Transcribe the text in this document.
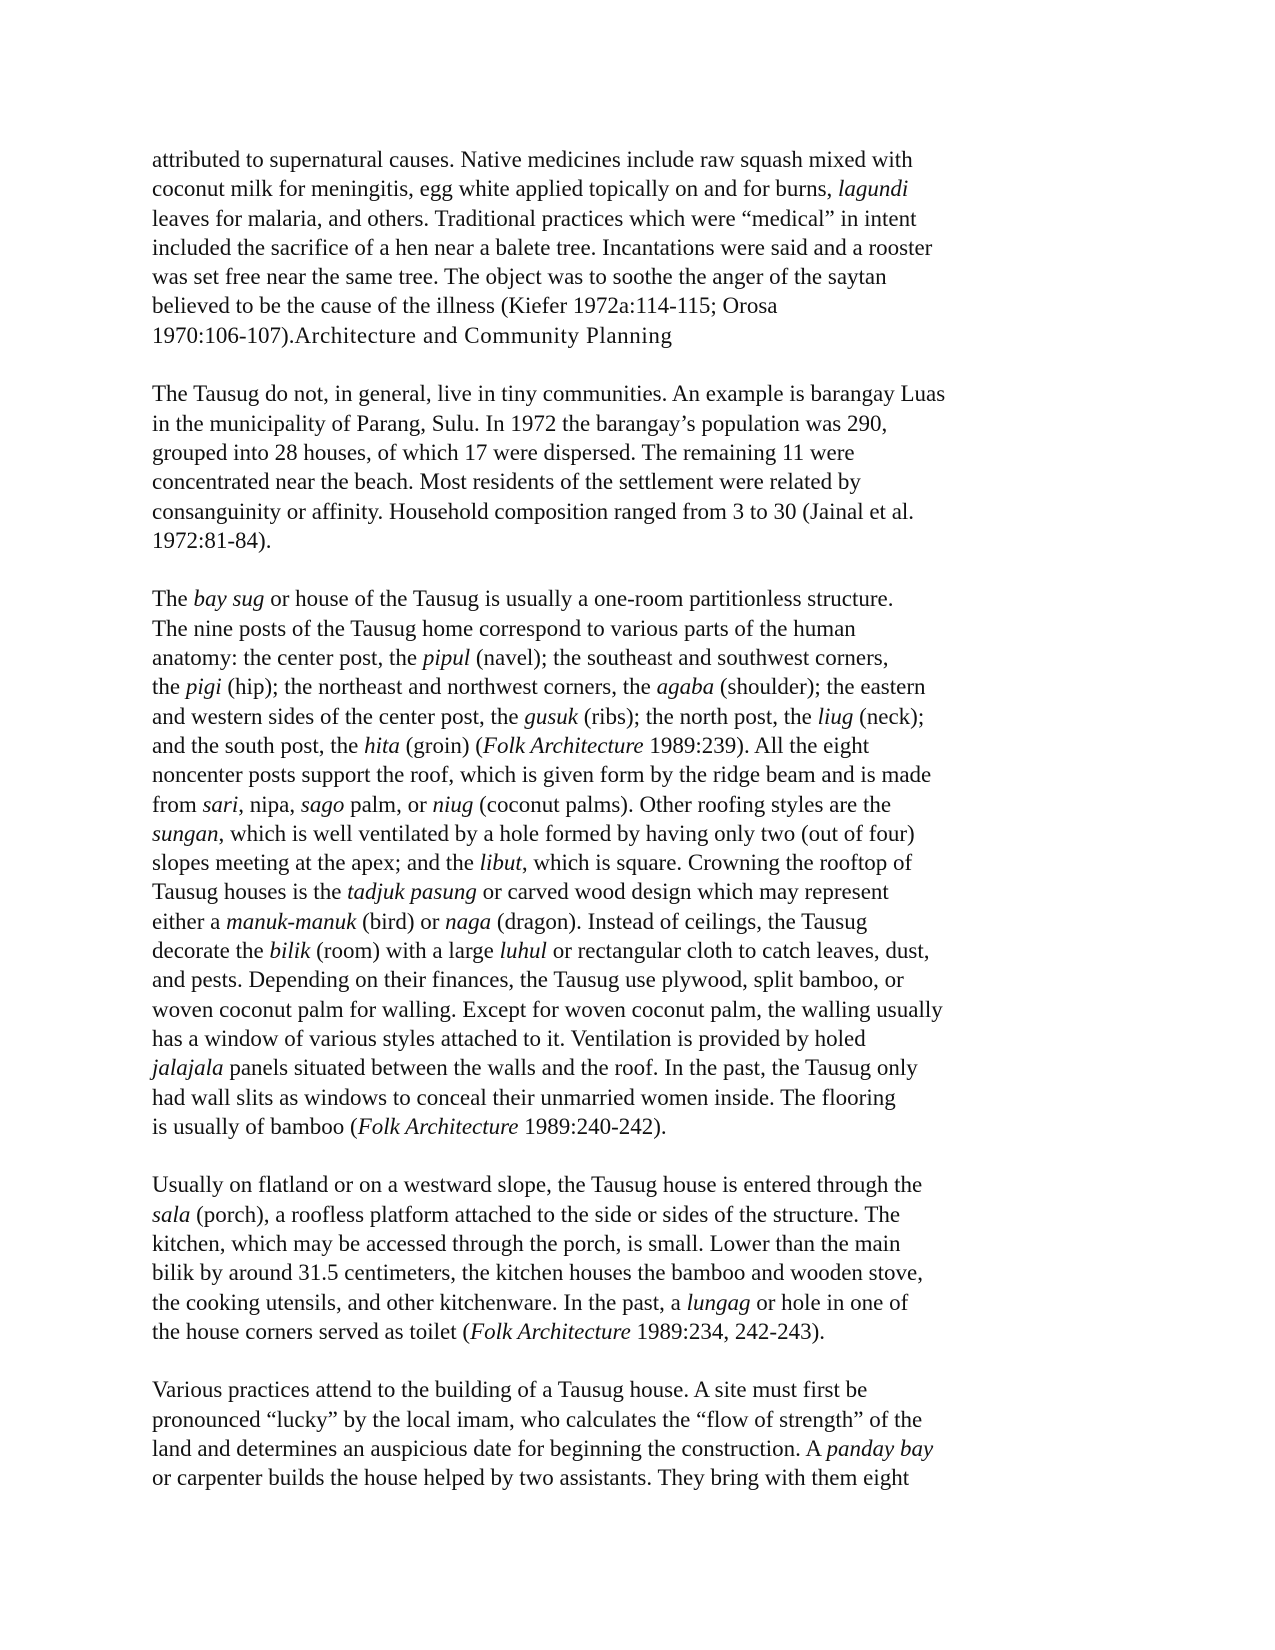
attributed to supernatural causes. Native medicines include raw squash mixed with
coconut milk for meningitis, egg white applied topically on and for burns, lagundi
leaves for malaria, and others. Traditional practices which were “medical” in intent
included the sacrifice of a hen near a balete tree. Incantations were said and a rooster
was set free near the same tree. The object was to soothe the anger of the saytan
believed to be the cause of the illness (Kiefer 1972a:114-115; Orosa
1970:106-107).Architecture and Community Planning

The Tausug do not, in general, live in tiny communities. An example is barangay Luas
in the municipality of Parang, Sulu. In 1972 the barangay’s population was 290,
grouped into 28 houses, of which 17 were dispersed. The remaining 11 were
concentrated near the beach. Most residents of the settlement were related by
consanguinity or affinity. Household composition ranged from 3 to 30 (Jainal et al.
1972:81-84).

The bay sug or house of the Tausug is usually a one-room partitionless structure.
The nine posts of the Tausug home correspond to various parts of the human
anatomy: the center post, the pipul (navel); the southeast and southwest corners,
the pigi (hip); the northeast and northwest corners, the agaba (shoulder); the eastern
and western sides of the center post, the gusuk (ribs); the north post, the liug (neck);
and the south post, the hita (groin) (Folk Architecture 1989:239). All the eight
noncenter posts support the roof, which is given form by the ridge beam and is made
from sari, nipa, sago palm, or niug (coconut palms). Other roofing styles are the
sungan, which is well ventilated by a hole formed by having only two (out of four)
slopes meeting at the apex; and the libut, which is square. Crowning the rooftop of
Tausug houses is the tadjuk pasung or carved wood design which may represent
either a manuk-manuk (bird) or naga (dragon). Instead of ceilings, the Tausug
decorate the bilik (room) with a large luhul or rectangular cloth to catch leaves, dust,
and pests. Depending on their finances, the Tausug use plywood, split bamboo, or
woven coconut palm for walling. Except for woven coconut palm, the walling usually
has a window of various styles attached to it. Ventilation is provided by holed
jalajala panels situated between the walls and the roof. In the past, the Tausug only
had wall slits as windows to conceal their unmarried women inside. The flooring
is usually of bamboo (Folk Architecture 1989:240-242).

Usually on flatland or on a westward slope, the Tausug house is entered through the
sala (porch), a roofless platform attached to the side or sides of the structure. The
kitchen, which may be accessed through the porch, is small. Lower than the main
bilik by around 31.5 centimeters, the kitchen houses the bamboo and wooden stove,
the cooking utensils, and other kitchenware. In the past, a lungag or hole in one of
the house corners served as toilet (Folk Architecture 1989:234, 242-243).

Various practices attend to the building of a Tausug house. A site must first be
pronounced “lucky” by the local imam, who calculates the “flow of strength” of the
land and determines an auspicious date for beginning the construction. A panday bay
or carpenter builds the house helped by two assistants. They bring with them eight
